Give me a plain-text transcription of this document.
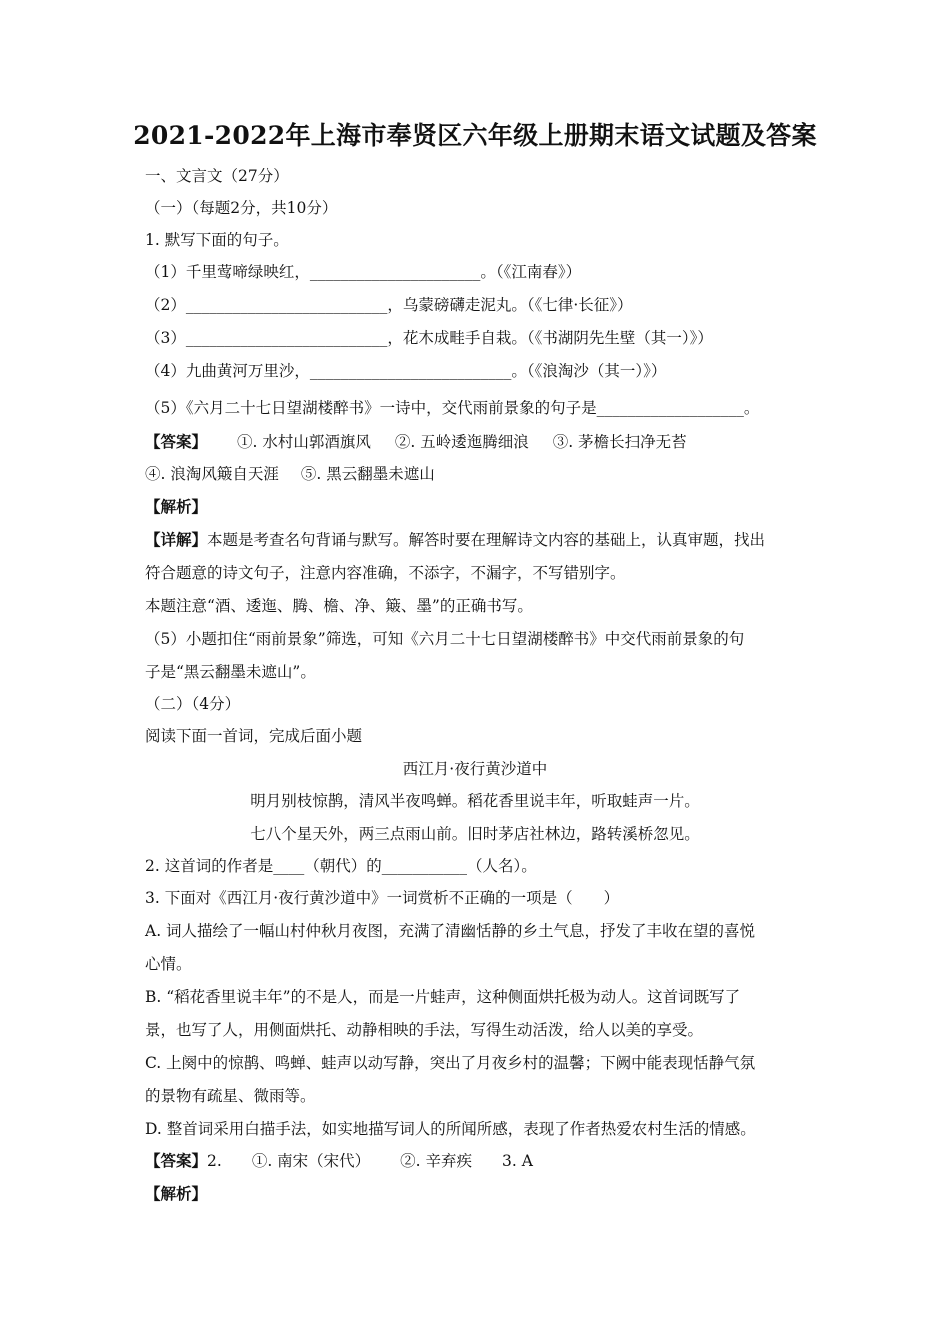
2021-2022年上海市奉贤区六年级上册期末语文试题及答案
一、文言文（27分）
（一）（每题2分，共10分）
1. 默写下面的句子。
（1）千里莺啼绿映红，______________________。（《江南春》）
（2）__________________________，乌蒙磅礴走泥丸。（《七律·长征》）
（3）__________________________，花木成畦手自栽。（《书湖阴先生壁（其一）》）
（4）九曲黄河万里沙，__________________________。（《浪淘沙（其一）》）
（5）《六月二十七日望湖楼醉书》一诗中，交代雨前景象的句子是___________________。
【答案】 ①. 水村山郭酒旗风 ②. 五岭逶迤腾细浪 ③. 茅檐长扫净无苔
④. 浪淘风簸自天涯 ⑤. 黑云翻墨未遮山
【解析】
【详解】本题是考查名句背诵与默写。解答时要在理解诗文内容的基础上，认真审题，找出
符合题意的诗文句子，注意内容准确，不添字，不漏字，不写错别字。
本题注意“酒、逶迤、腾、檐、净、簸、墨”的正确书写。
（5）小题扣住“雨前景象”筛选，可知《六月二十七日望湖楼醉书》中交代雨前景象的句
子是“黑云翻墨未遮山”。
（二）（4分）
阅读下面一首词，完成后面小题
西江月·夜行黄沙道中
明月别枝惊鹊，清风半夜鸣蝉。稻花香里说丰年，听取蛙声一片。
七八个星天外，两三点雨山前。旧时茅店社林边，路转溪桥忽见。
2. 这首词的作者是____（朝代）的___________（人名）。
3. 下面对《西江月·夜行黄沙道中》一词赏析不正确的一项是（　　）
A. 词人描绘了一幅山村仲秋月夜图，充满了清幽恬静的乡土气息，抒发了丰收在望的喜悦
心情。
B. “稻花香里说丰年”的不是人，而是一片蛙声，这种侧面烘托极为动人。这首词既写了
景，也写了人，用侧面烘托、动静相映的手法，写得生动活泼，给人以美的享受。
C. 上阕中的惊鹊、鸣蝉、蛙声以动写静，突出了月夜乡村的温馨；下阙中能表现恬静气氛
的景物有疏星、微雨等。
D. 整首词采用白描手法，如实地描写词人的所闻所感，表现了作者热爱农村生活的情感。
【答案】2. ①. 南宋（宋代） ②. 辛弃疾 3. A
【解析】
